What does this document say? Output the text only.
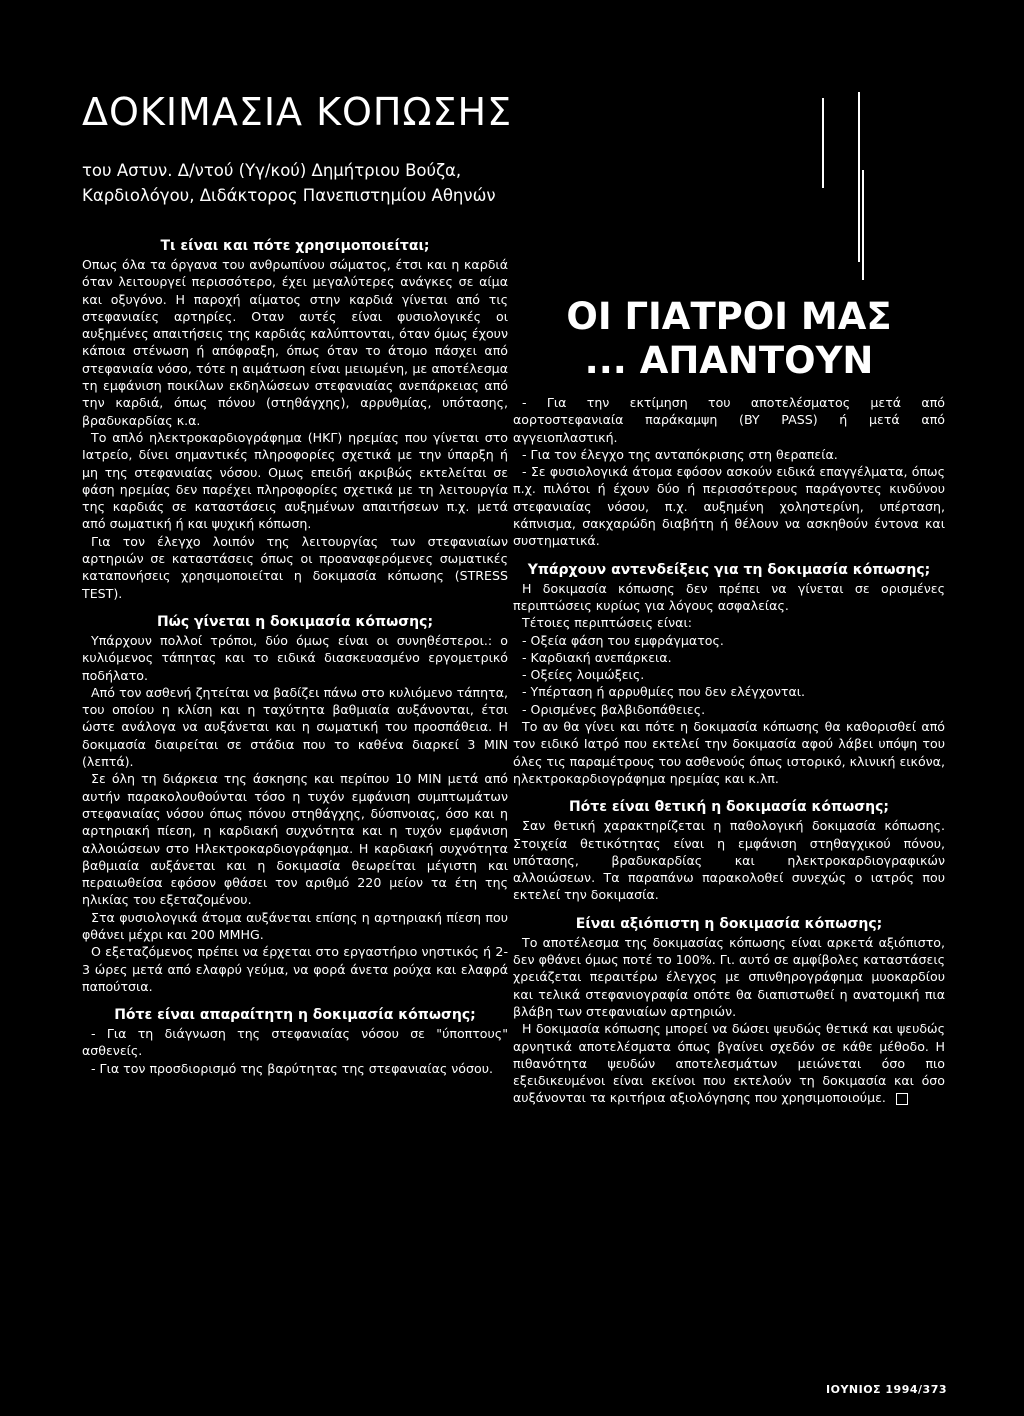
ΔΟΚΙΜΑΣΙΑ ΚΟΠΩΣΗΣ
του Αστυν. Δ/ντού (Υγ/κού) Δημήτριου Βούζα,
Καρδιολόγου, Διδάκτορος Πανεπιστημίου Αθηνών
ΟΙ ΓΙΑΤΡΟΙ ΜΑΣ
... ΑΠΑΝΤΟΥΝ
Τι είναι και πότε χρησιμοποιείται;

Οπως όλα τα όργανα του ανθρωπίνου σώματος, έτσι και η καρδιά όταν λειτουργεί περισσότερο, έχει μεγαλύτερες ανάγκες σε αίμα και οξυγόνο. Η παροχή αίματος στην καρδιά γίνεται από τις στεφανιαίες αρτηρίες. Οταν αυτές είναι φυσιολογικές οι αυξημένες απαιτήσεις της καρδιάς καλύπτονται, όταν όμως έχουν κάποια στένωση ή απόφραξη, όπως όταν το άτομο πάσχει από στεφανιαία νόσο, τότε η αιμάτωση είναι μειωμένη, με αποτέλεσμα τη εμφάνιση ποικίλων εκδηλώσεων στεφανιαίας ανεπάρκειας από την καρδιά, όπως πόνου (στηθάγχης), αρρυθμίας, υπότασης, βραδυκαρδίας κ.α.

Το απλό ηλεκτροκαρδιογράφημα (ΗΚΓ) ηρεμίας που γίνεται στο Ιατρείο, δίνει σημαντικές πληροφορίες σχετικά με την ύπαρξη ή μη της στεφανιαίας νόσου. Ομως επειδή ακριβώς εκτελείται σε φάση ηρεμίας δεν παρέχει πληροφορίες σχετικά με τη λειτουργία της καρδιάς σε καταστάσεις αυξημένων απαιτήσεων π.χ. μετά από σωματική ή και ψυχική κόπωση.

Για τον έλεγχο λοιπόν της λειτουργίας των στεφανιαίων αρτηριών σε καταστάσεις όπως οι προαναφερόμενες σωματικές καταπονήσεις χρησιμοποιείται η δοκιμασία κόπωσης (STRESS TEST).

Πώς γίνεται η δοκιμασία κόπωσης;

Υπάρχουν πολλοί τρόποι, δύο όμως είναι οι συνηθέστεροι.: ο κυλιόμενος τάπητας και το ειδικά διασκευασμένο εργομετρικό ποδήλατο.

Από τον ασθενή ζητείται να βαδίζει πάνω στο κυλιόμενο τάπητα, του οποίου η κλίση και η ταχύτητα βαθμιαία αυξάνονται, έτσι ώστε ανάλογα να αυξάνεται και η σωματική του προσπάθεια. Η δοκιμασία διαιρείται σε στάδια που το καθένα διαρκεί 3 MIN (λεπτά).

Σε όλη τη διάρκεια της άσκησης και περίπου 10 MIN μετά από αυτήν παρακολουθούνται τόσο η τυχόν εμφάνιση συμπτωμάτων στεφανιαίας νόσου όπως πόνου στηθάγχης, δύσπνοιας, όσο και η αρτηριακή πίεση, η καρδιακή συχνότητα και η τυχόν εμφάνιση αλλοιώσεων στο Ηλεκτροκαρδιογράφημα. Η καρδιακή συχνότητα βαθμιαία αυξάνεται και η δοκιμασία θεωρείται μέγιστη και περαιωθείσα εφόσον φθάσει τον αριθμό 220 μείον τα έτη της ηλικίας του εξεταζομένου.

Στα φυσιολογικά άτομα αυξάνεται επίσης η αρτηριακή πίεση που φθάνει μέχρι και 200 MMHG.

Ο εξεταζόμενος πρέπει να έρχεται στο εργαστήριο νηστικός ή 2-3 ώρες μετά από ελαφρύ γεύμα, να φορά άνετα ρούχα και ελαφρά παπούτσια.

Πότε είναι απαραίτητη η δοκιμασία κόπωσης;

- Για τη διάγνωση της στεφανιαίας νόσου σε "ύποπτους" ασθενείς.

- Για τον προσδιορισμό της βαρύτητας της στεφανιαίας νόσου.

- Για την εκτίμηση του αποτελέσματος μετά από αορτοστεφανιαία παράκαμψη (BY PASS) ή μετά από αγγειοπλαστική.

- Για τον έλεγχο της ανταπόκρισης στη θεραπεία.

- Σε φυσιολογικά άτομα εφόσον ασκούν ειδικά επαγγέλματα, όπως π.χ. πιλότοι ή έχουν δύο ή περισσότερους παράγοντες κινδύνου στεφανιαίας νόσου, π.χ. αυξημένη χοληστερίνη, υπέρταση, κάπνισμα, σακχαρώδη διαβήτη ή θέλουν να ασκηθούν έντονα και συστηματικά.

Υπάρχουν αντενδείξεις για τη δοκιμασία κόπωσης;

Η δοκιμασία κόπωσης δεν πρέπει να γίνεται σε ορισμένες περιπτώσεις κυρίως για λόγους ασφαλείας.

Τέτοιες περιπτώσεις είναι:

- Οξεία φάση του εμφράγματος.

- Καρδιακή ανεπάρκεια.

- Οξείες λοιμώξεις.

- Υπέρταση ή αρρυθμίες που δεν ελέγχονται.

- Ορισμένες βαλβιδοπάθειες.

Το αν θα γίνει και πότε η δοκιμασία κόπωσης θα καθορισθεί από τον ειδικό Ιατρό που εκτελεί την δοκιμασία αφού λάβει υπόψη του όλες τις παραμέτρους του ασθενούς όπως ιστορικό, κλινική εικόνα, ηλεκτροκαρδιογράφημα ηρεμίας και κ.λπ.

Πότε είναι θετική η δοκιμασία κόπωσης;

Σαν θετική χαρακτηρίζεται η παθολογική δοκιμασία κόπωσης. Στοιχεία θετικότητας είναι η εμφάνιση στηθαγχικού πόνου, υπότασης, βραδυκαρδίας και ηλεκτροκαρδιογραφικών αλλοιώσεων. Τα παραπάνω παρακολοθεί συνεχώς ο ιατρός που εκτελεί την δοκιμασία.

Είναι αξιόπιστη η δοκιμασία κόπωσης;

Το αποτέλεσμα της δοκιμασίας κόπωσης είναι αρκετά αξιόπιστο, δεν φθάνει όμως ποτέ το 100%. Γι. αυτό σε αμφίβολες καταστάσεις χρειάζεται περαιτέρω έλεγχος με σπινθηρογράφημα μυοκαρδίου και τελικά στεφανιογραφία οπότε θα διαπιστωθεί η ανατομική πια βλάβη των στεφανιαίων αρτηριών.

Η δοκιμασία κόπωσης μπορεί να δώσει ψευδώς θετικά και ψευδώς αρνητικά αποτελέσματα όπως βγαίνει σχεδόν σε κάθε μέθοδο. Η πιθανότητα ψευδών αποτελεσμάτων μειώνεται όσο πιο εξειδικευμένοι είναι εκείνοι που εκτελούν τη δοκιμασία και όσο αυξάνονται τα κριτήρια αξιολόγησης που χρησιμοποιούμε.

ΙΟΥΝΙΟΣ 1994/373
